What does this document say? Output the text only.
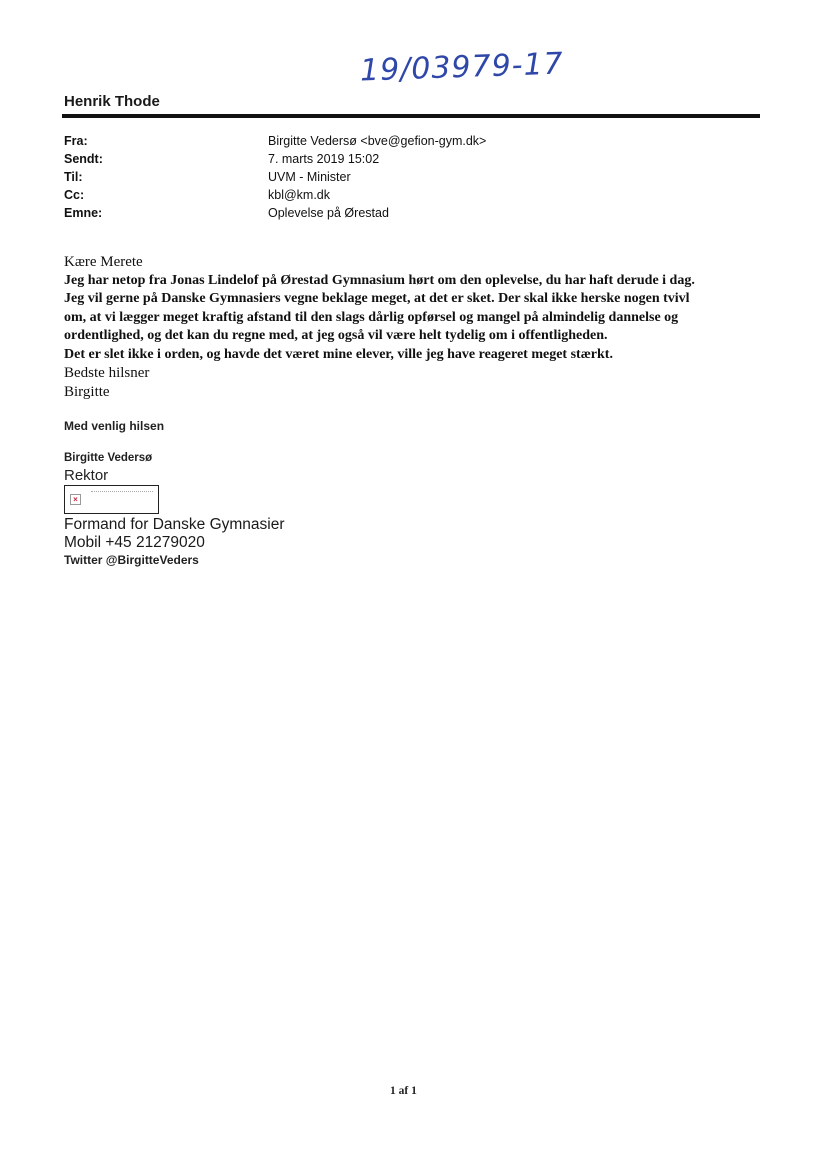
19/03979-17
Henrik Thode
Fra:	Birgitte Vedersø <bve@gefion-gym.dk>
Sendt:	7. marts 2019 15:02
Til:	UVM - Minister
Cc:	kbl@km.dk
Emne:	Oplevelse på Ørestad

Kære Merete

Jeg har netop fra Jonas Lindelof på Ørestad Gymnasium hørt om den oplevelse, du har haft derude i dag.

Jeg vil gerne på Danske Gymnasiers vegne beklage meget, at det er sket. Der skal ikke herske nogen tvivl

om, at vi lægger meget kraftig afstand til den slags dårlig opførsel og mangel på almindelig dannelse og

ordentlighed, og det kan du regne med, at jeg også vil være helt tydelig om i offentligheden.

Det er slet ikke i orden, og havde det været mine elever, ville jeg have reageret meget stærkt.

Bedste hilsner

Birgitte

Med venlig hilsen
Birgitte Vedersø
Rektor
×
Formand for Danske Gymnasier
Mobil +45 21279020
Twitter @BirgitteVeders
1 af 1
